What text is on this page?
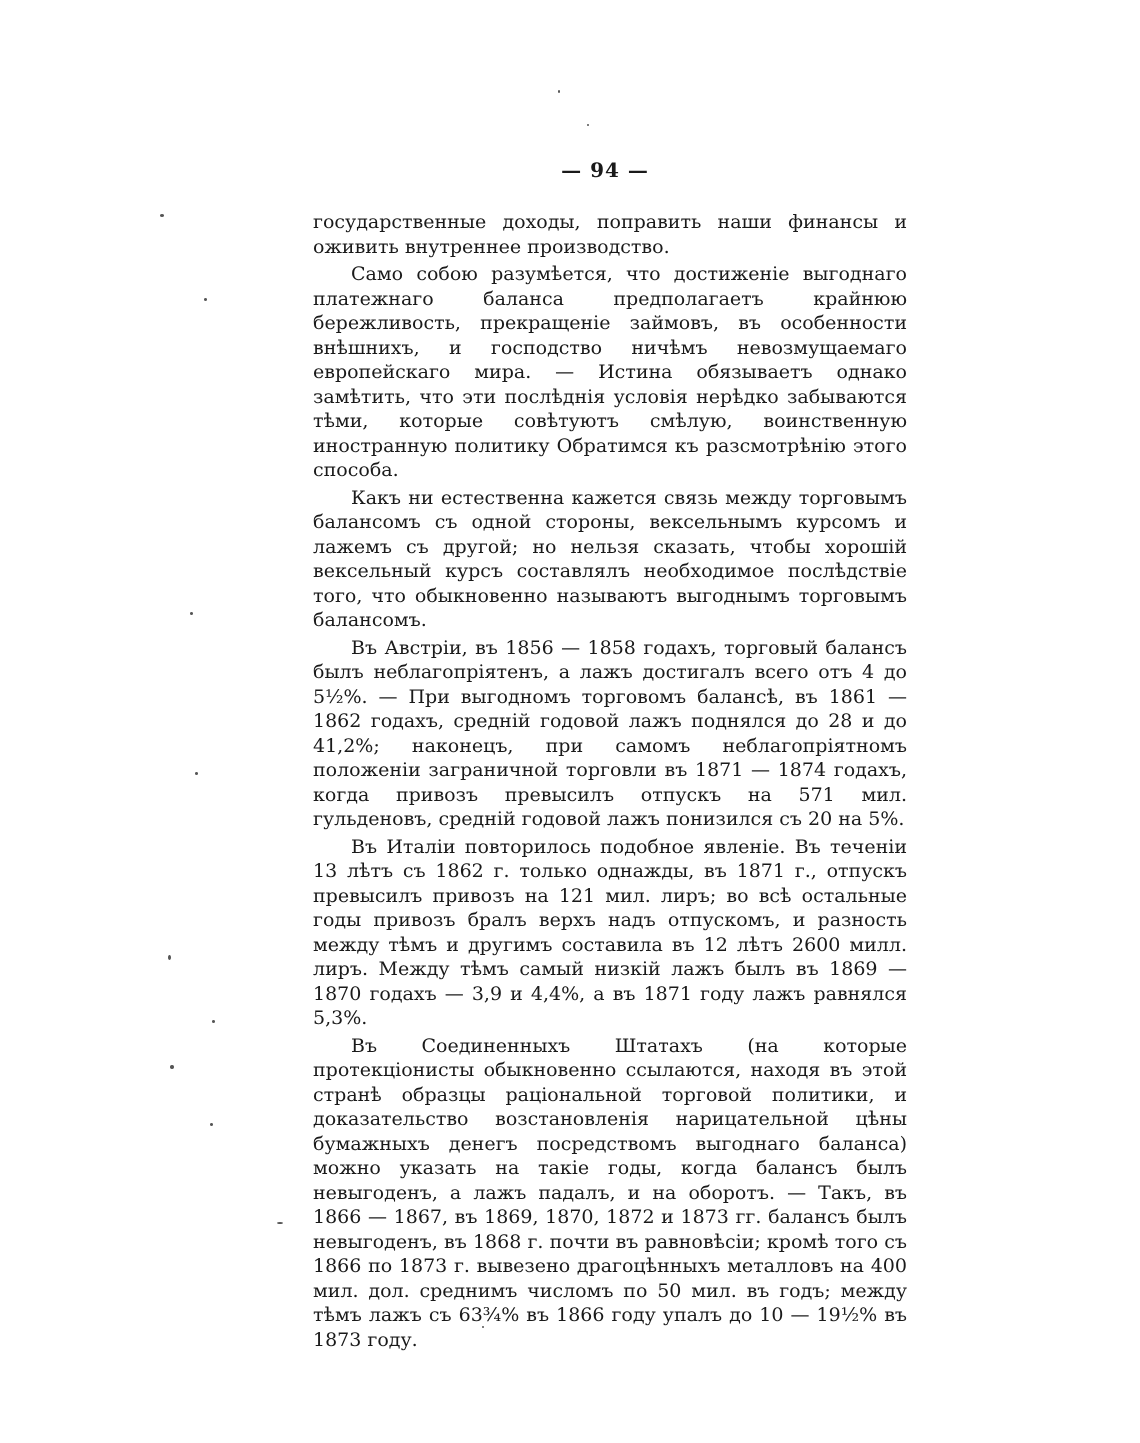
— 94 —

государственные доходы, поправить наши финансы и оживить внутреннее производство.

Само собою разумѣется, что достиженіе выгоднаго платежнаго баланса предполагаетъ крайнюю бережливость, прекращеніе займовъ, въ особенности внѣшнихъ, и господство ничѣмъ невозмущаемаго европейскаго мира. — Истина обязываетъ однако замѣтить, что эти послѣднія условія нерѣдко забываются тѣми, которые совѣтуютъ смѣлую, воинственную иностранную политику Обратимся къ разсмотрѣнію этого способа.

Какъ ни естественна кажется связь между торговымъ балансомъ съ одной стороны, вексельнымъ курсомъ и лажемъ съ другой; но нельзя сказать, чтобы хорошій вексельный курсъ составлялъ необходимое послѣдствіе того, что обыкновенно называютъ выгоднымъ торговымъ балансомъ.

Въ Австріи, въ 1856 — 1858 годахъ, торговый балансъ былъ неблагопріятенъ, а лажъ достигалъ всего отъ 4 до 5½%. — При выгодномъ торговомъ балансѣ, въ 1861 — 1862 годахъ, средній годовой лажъ поднялся до 28 и до 41,2%; наконецъ, при самомъ неблагопріятномъ положеніи заграничной торговли въ 1871 — 1874 годахъ, когда привозъ превысилъ отпускъ на 571 мил. гульденовъ, средній годовой лажъ понизился съ 20 на 5%.

Въ Италіи повторилось подобное явленіе. Въ теченіи 13 лѣтъ съ 1862 г. только однажды, въ 1871 г., отпускъ превысилъ привозъ на 121 мил. лиръ; во всѣ остальные годы привозъ бралъ верхъ надъ отпускомъ, и разность между тѣмъ и другимъ составила въ 12 лѣтъ 2600 милл. лиръ. Между тѣмъ самый низкій лажъ былъ въ 1869 — 1870 годахъ — 3,9 и 4,4%, а въ 1871 году лажъ равнялся 5,3%.

Въ Соединенныхъ Штатахъ (на которые протекціонисты обыкновенно ссылаются, находя въ этой странѣ образцы раціональной торговой политики, и доказательство возстановленія нарицательной цѣны бумажныхъ денегъ посредствомъ выгоднаго баланса) можно указать на такіе годы, когда балансъ былъ невыгоденъ, а лажъ падалъ, и на оборотъ. — Такъ, въ 1866 — 1867, въ 1869, 1870, 1872 и 1873 гг. балансъ былъ невыгоденъ, въ 1868 г. почти въ равновѣсіи; кромѣ того съ 1866 по 1873 г. вывезено драгоцѣнныхъ металловъ на 400 мил. дол. среднимъ числомъ по 50 мил. въ годъ; между тѣмъ лажъ съ 63¾% въ 1866 году упалъ до 10 — 19½% въ 1873 году.
